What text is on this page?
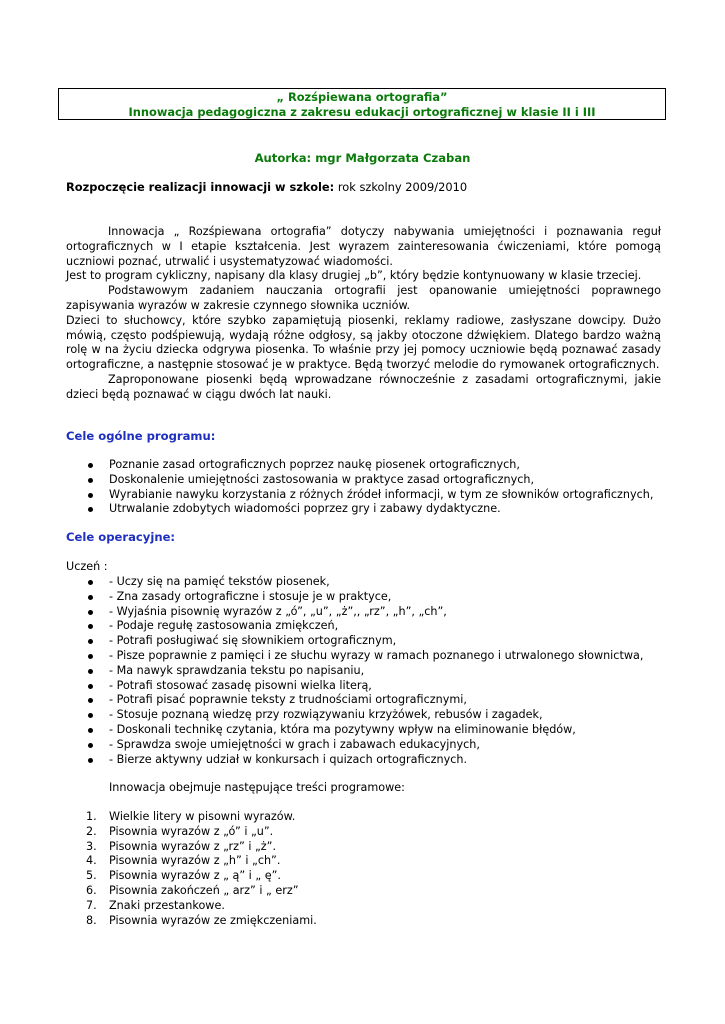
„ Rozśpiewana ortografia”
Innowacja pedagogiczna z zakresu edukacji ortograficznej w klasie II i III
Autorka: mgr Małgorzata Czaban
Rozpoczęcie realizacji innowacji w szkole: rok szkolny 2009/2010

Innowacja „ Rozśpiewana ortografia” dotyczy nabywania umiejętności i poznawania reguł ortograficznych w I etapie kształcenia. Jest wyrazem zainteresowania ćwiczeniami, które pomogą uczniowi poznać, utrwalić i usystematyzować wiadomości.

Jest to program cykliczny, napisany dla klasy drugiej „b”, który będzie kontynuowany w klasie trzeciej.

Podstawowym zadaniem nauczania ortografii jest opanowanie umiejętności poprawnego zapisywania wyrazów w zakresie czynnego słownika uczniów.

Dzieci to słuchowcy, które szybko zapamiętują piosenki, reklamy radiowe, zasłyszane dowcipy. Dużo mówią, często podśpiewują, wydają różne odgłosy, są jakby otoczone dźwiękiem. Dlatego bardzo ważną rolę w na życiu dziecka odgrywa piosenka. To właśnie przy jej pomocy uczniowie będą poznawać zasady ortograficzne, a następnie stosować je w praktyce. Będą tworzyć melodie do rymowanek ortograficznych.

Zaproponowane piosenki będą wprowadzane równocześnie z zasadami ortograficznymi, jakie dzieci będą poznawać w ciągu dwóch lat nauki.

Cele ogólne programu:
Poznanie zasad ortograficznych poprzez naukę piosenek ortograficznych,
Doskonalenie umiejętności zastosowania w praktyce zasad ortograficznych,
Wyrabianie nawyku korzystania z różnych źródeł informacji, w tym ze słowników ortograficznych,
Utrwalanie zdobytych wiadomości poprzez gry i zabawy dydaktyczne.
Cele operacyjne:
Uczeń :
- Uczy się na pamięć tekstów piosenek,
- Zna zasady ortograficzne i stosuje je w praktyce,
- Wyjaśnia pisownię wyrazów z „ó”, „u”, „ż”,, „rz”, „h”, „ch”,
- Podaje regułę zastosowania zmiękczeń,
- Potrafi posługiwać się słownikiem ortograficznym,
- Pisze poprawnie z pamięci i ze słuchu wyrazy w ramach poznanego i utrwalonego słownictwa,
- Ma nawyk sprawdzania tekstu po napisaniu,
- Potrafi stosować zasadę pisowni wielka literą,
- Potrafi pisać poprawnie teksty z trudnościami ortograficznymi,
- Stosuje poznaną wiedzę przy rozwiązywaniu krzyżówek, rebusów i zagadek,
- Doskonali technikę czytania, która ma pozytywny wpływ na eliminowanie błędów,
- Sprawdza swoje umiejętności w grach i zabawach edukacyjnych,
- Bierze aktywny udział w konkursach i quizach ortograficznych.
Innowacja obejmuje następujące treści programowe:
1. Wielkie litery w pisowni wyrazów.
2. Pisownia wyrazów z „ó” i „u”.
3. Pisownia wyrazów z „rz” i „ż”.
4. Pisownia wyrazów z „h” i „ch”.
5. Pisownia wyrazów z „ ą” i „ ę”.
6. Pisownia zakończeń „ arz” i „ erz”
7. Znaki przestankowe.
8. Pisownia wyrazów ze zmiękczeniami.
